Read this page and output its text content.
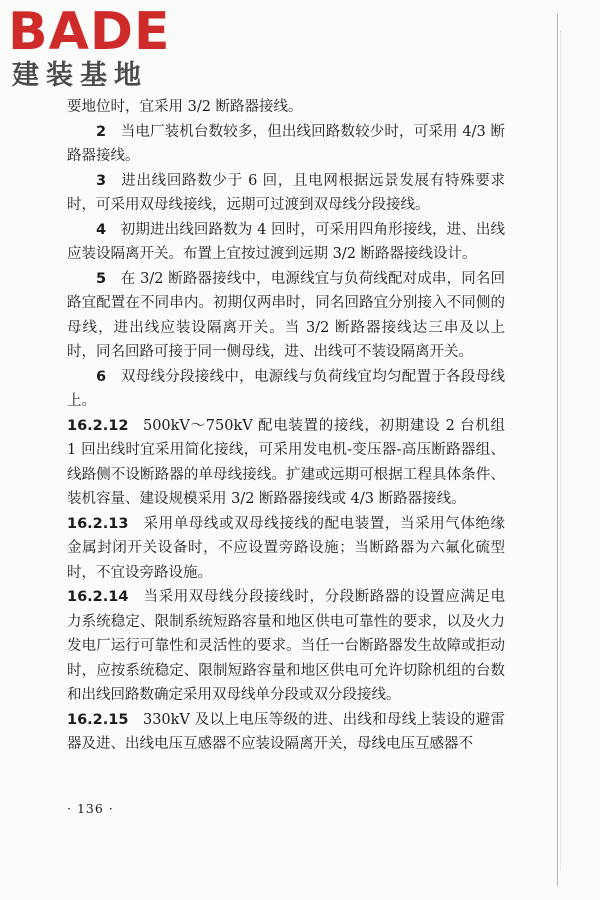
BADE
建装基地

要地位时，宜采用 3/2 断路器接线。

2  当电厂装机台数较多，但出线回路数较少时，可采用 4/3 断路器接线。

3  进出线回路数少于 6 回，且电网根据远景发展有特殊要求时，可采用双母线接线，远期可过渡到双母线分段接线。

4  初期进出线回路数为 4 回时，可采用四角形接线，进、出线应装设隔离开关。布置上宜按过渡到远期 3/2 断路器接线设计。

5  在 3/2 断路器接线中，电源线宜与负荷线配对成串，同名回路宜配置在不同串内。初期仅两串时，同名回路宜分别接入不同侧的母线，进出线应装设隔离开关。当 3/2 断路器接线达三串及以上时，同名回路可接于同一侧母线，进、出线可不装设隔离开关。

6  双母线分段接线中，电源线与负荷线宜均匀配置于各段母线上。

16.2.12  500kV～750kV 配电装置的接线，初期建设 2 台机组 1 回出线时宜采用简化接线，可采用发电机-变压器-高压断路器组、线路侧不设断路器的单母线接线。扩建或远期可根据工程具体条件、装机容量、建设规模采用 3/2 断路器接线或 4/3 断路器接线。

16.2.13  采用单母线或双母线接线的配电装置，当采用气体绝缘金属封闭开关设备时，不应设置旁路设施；当断路器为六氟化硫型时，不宜设旁路设施。

16.2.14  当采用双母线分段接线时，分段断路器的设置应满足电力系统稳定、限制系统短路容量和地区供电可靠性的要求，以及火力发电厂运行可靠性和灵活性的要求。当任一台断路器发生故障或拒动时，应按系统稳定、限制短路容量和地区供电可允许切除机组的台数和出线回路数确定采用双母线单分段或双分段接线。

16.2.15  330kV 及以上电压等级的进、出线和母线上装设的避雷器及进、出线电压互感器不应装设隔离开关，母线电压互感器不

· 136 ·
